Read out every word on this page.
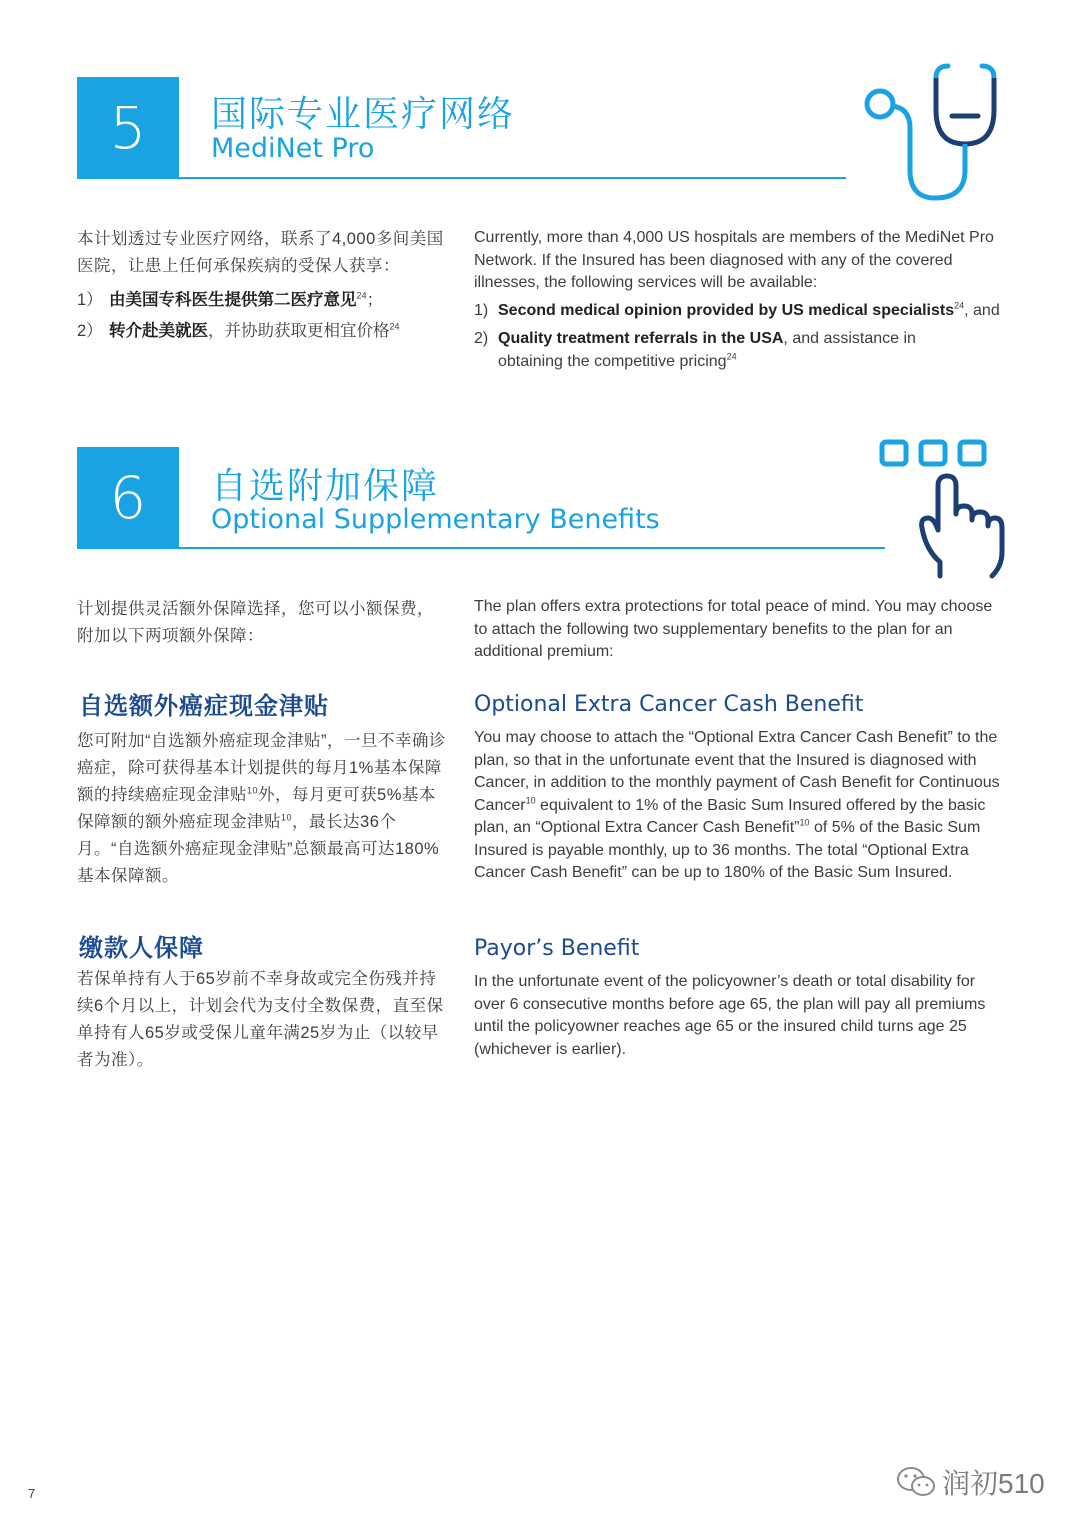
5	国际专业医疗网络
MediNet Pro
本计划透过专业医疗网络，联系了4,000多间美国医院，让患上任何承保疾病的受保人获享：
1） 由美国专科医生提供第二医疗意见$^{24}$；
2） 转介赴美就医，并协助获取更相宜价格$^{24}$
Currently, more than 4,000 US hospitals are members of the MediNet Pro Network. If the Insured has been diagnosed with any of the covered illnesses, the following services will be available:
1) Second medical opinion provided by US medical specialists$^{24}$, and
2) Quality treatment referrals in the USA, and assistance in obtaining the competitive pricing$^{24}$
6	自选附加保障
Optional Supplementary Benefits
计划提供灵活额外保障选择，您可以小额保费，附加以下两项额外保障：
The plan offers extra protections for total peace of mind. You may choose to attach the following two supplementary benefits to the plan for an additional premium:
自选额外癌症现金津贴	Optional Extra Cancer Cash Benefit
您可附加“自选额外癌症现金津贴”，一旦不幸确诊癌症，除可获得基本计划提供的每月1%基本保障额的持续癌症现金津贴$^{10}$外，每月更可获5%基本保障额的额外癌症现金津贴$^{10}$，最长达36个月。“自选额外癌症现金津贴”总额最高可达180%基本保障额。
You may choose to attach the “Optional Extra Cancer Cash Benefit” to the plan, so that in the unfortunate event that the Insured is diagnosed with Cancer, in addition to the monthly payment of Cash Benefit for Continuous Cancer$^{10}$ equivalent to 1% of the Basic Sum Insured offered by the basic plan, an “Optional Extra Cancer Cash Benefit”$^{10}$ of 5% of the Basic Sum Insured is payable monthly, up to 36 months. The total “Optional Extra Cancer Cash Benefit” can be up to 180% of the Basic Sum Insured.
缴款人保障	Payor’s Benefit
若保单持有人于65岁前不幸身故或完全伤残并持续6个月以上，计划会代为支付全数保费，直至保单持有人65岁或受保儿童年满25岁为止（以较早者为准）。
In the unfortunate event of the policyowner’s death or total disability for over 6 consecutive months before age 65, the plan will pay all premiums until the policyowner reaches age 65 or the insured child turns age 25 (whichever is earlier).
7	润初510
